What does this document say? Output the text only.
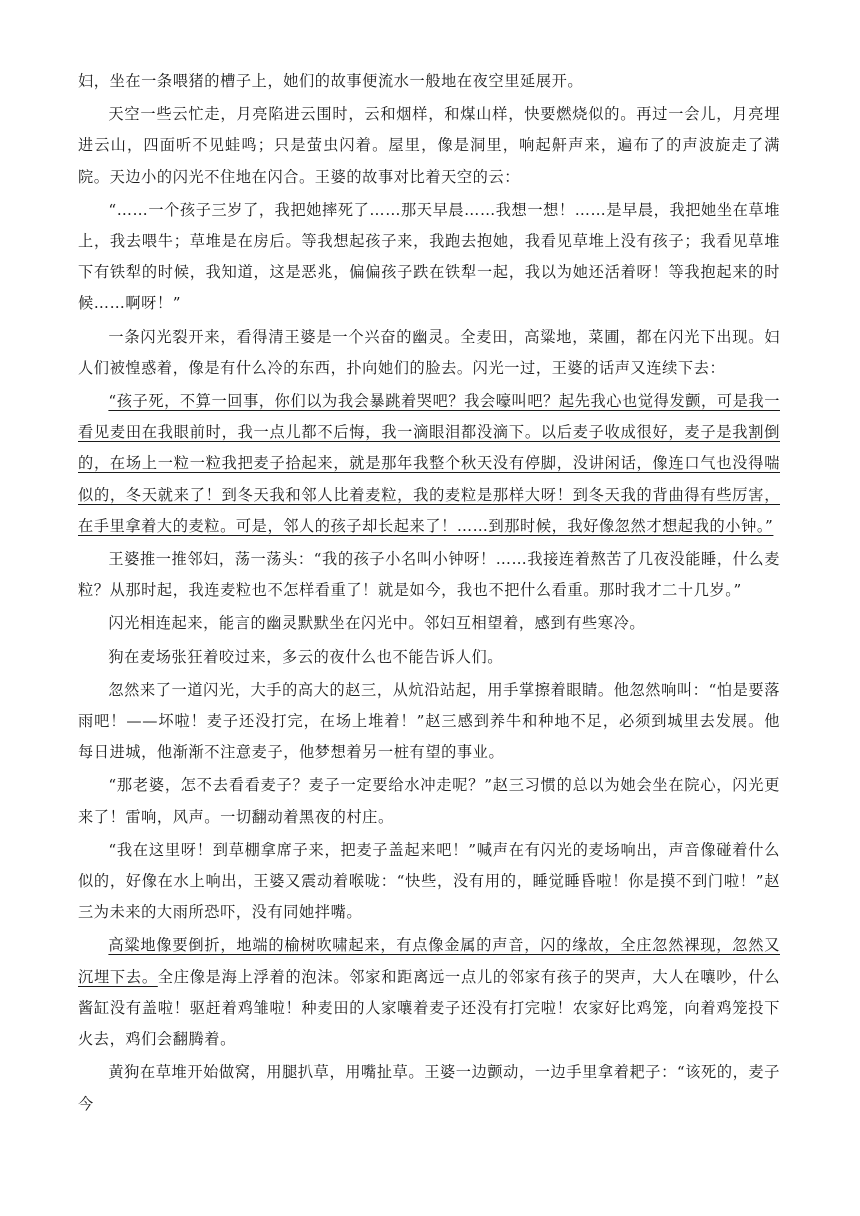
妇，坐在一条喂猪的槽子上，她们的故事便流水一般地在夜空里延展开。

天空一些云忙走，月亮陷进云围时，云和烟样，和煤山样，快要燃烧似的。再过一会儿，月亮埋进云山，四面听不见蛙鸣；只是萤虫闪着。屋里，像是洞里，响起鼾声来，遍布了的声波旋走了满院。天边小的闪光不住地在闪合。王婆的故事对比着天空的云：

“……一个孩子三岁了，我把她摔死了……那天早晨……我想一想！……是早晨，我把她坐在草堆上，我去喂牛；草堆是在房后。等我想起孩子来，我跑去抱她，我看见草堆上没有孩子；我看见草堆下有铁犁的时候，我知道，这是恶兆，偏偏孩子跌在铁犁一起，我以为她还活着呀！等我抱起来的时候……啊呀！”

一条闪光裂开来，看得清王婆是一个兴奋的幽灵。全麦田，高粱地，菜圃，都在闪光下出现。妇人们被惶惑着，像是有什么冷的东西，扑向她们的脸去。闪光一过，王婆的话声又连续下去：

“孩子死，不算一回事，你们以为我会暴跳着哭吧？我会嚎叫吧？起先我心也觉得发颤，可是我一看见麦田在我眼前时，我一点儿都不后悔，我一滴眼泪都没滴下。以后麦子收成很好，麦子是我割倒的，在场上一粒一粒我把麦子拾起来，就是那年我整个秋天没有停脚，没讲闲话，像连口气也没得喘似的，冬天就来了！到冬天我和邻人比着麦粒，我的麦粒是那样大呀！到冬天我的背曲得有些厉害，在手里拿着大的麦粒。可是，邻人的孩子却长起来了！……到那时候，我好像忽然才想起我的小钟。”

王婆推一推邻妇，荡一荡头：“我的孩子小名叫小钟呀！……我接连着熬苦了几夜没能睡，什么麦粒？从那时起，我连麦粒也不怎样看重了！就是如今，我也不把什么看重。那时我才二十几岁。”

闪光相连起来，能言的幽灵默默坐在闪光中。邻妇互相望着，感到有些寒冷。

狗在麦场张狂着咬过来，多云的夜什么也不能告诉人们。

忽然来了一道闪光，大手的高大的赵三，从炕沿站起，用手掌擦着眼睛。他忽然响叫：“怕是要落雨吧！——坏啦！麦子还没打完，在场上堆着！”赵三感到养牛和种地不足，必须到城里去发展。他每日进城，他渐渐不注意麦子，他梦想着另一桩有望的事业。

“那老婆，怎不去看看麦子？麦子一定要给水冲走呢？”赵三习惯的总以为她会坐在院心，闪光更来了！雷响，风声。一切翻动着黑夜的村庄。

“我在这里呀！到草棚拿席子来，把麦子盖起来吧！”喊声在有闪光的麦场响出，声音像碰着什么似的，好像在水上响出，王婆又震动着喉咙：“快些，没有用的，睡觉睡昏啦！你是摸不到门啦！”赵三为未来的大雨所恐吓，没有同她拌嘴。

高粱地像要倒折，地端的榆树吹啸起来，有点像金属的声音，闪的缘故，全庄忽然裸现，忽然又沉埋下去。全庄像是海上浮着的泡沫。邻家和距离远一点儿的邻家有孩子的哭声，大人在嚷吵，什么酱缸没有盖啦！驱赶着鸡雏啦！种麦田的人家嚷着麦子还没有打完啦！农家好比鸡笼，向着鸡笼投下火去，鸡们会翻腾着。

黄狗在草堆开始做窝，用腿扒草，用嘴扯草。王婆一边颤动，一边手里拿着耙子：“该死的，麦子今
